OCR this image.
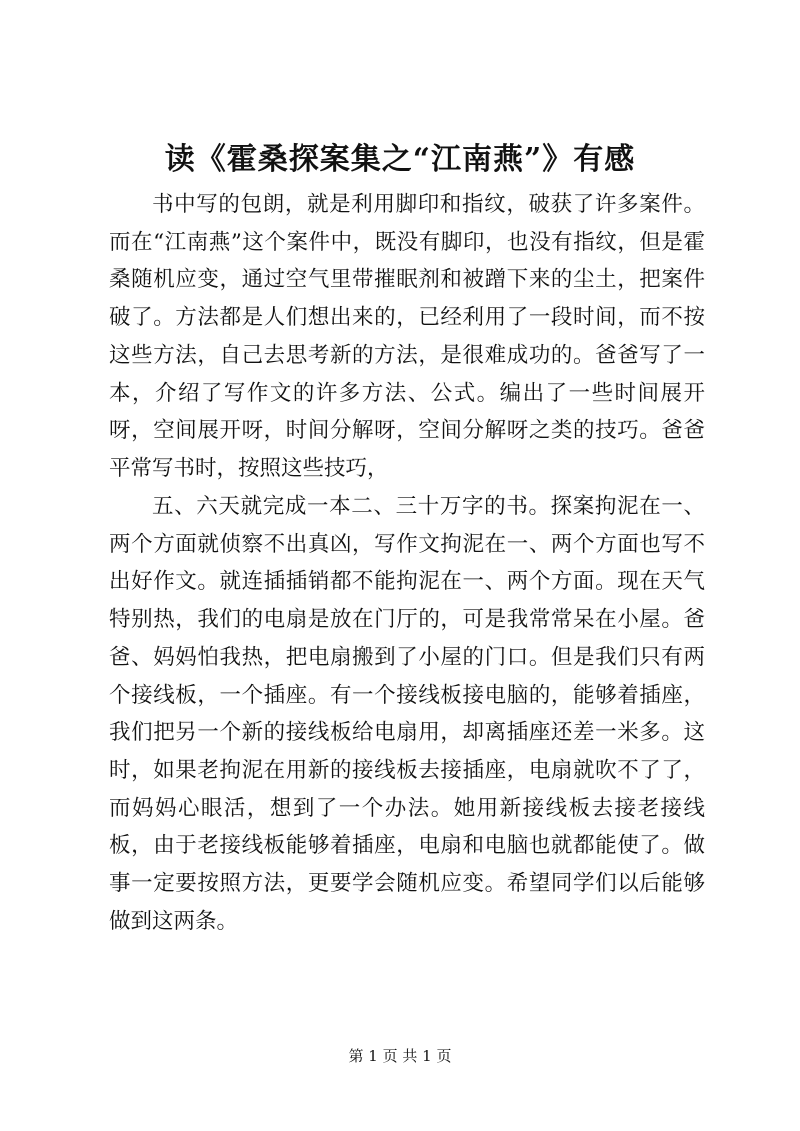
读《霍桑探案集之“江南燕”》有感

书中写的包朗，就是利用脚印和指纹，破获了许多案件。而在“江南燕”这个案件中，既没有脚印，也没有指纹，但是霍桑随机应变，通过空气里带摧眠剂和被蹭下来的尘土，把案件破了。方法都是人们想出来的，已经利用了一段时间，而不按这些方法，自己去思考新的方法，是很难成功的。爸爸写了一本，介绍了写作文的许多方法、公式。编出了一些时间展开呀，空间展开呀，时间分解呀，空间分解呀之类的技巧。爸爸平常写书时，按照这些技巧，

五、六天就完成一本二、三十万字的书。探案拘泥在一、两个方面就侦察不出真凶，写作文拘泥在一、两个方面也写不出好作文。就连插插销都不能拘泥在一、两个方面。现在天气特别热，我们的电扇是放在门厅的，可是我常常呆在小屋。爸爸、妈妈怕我热，把电扇搬到了小屋的门口。但是我们只有两个接线板，一个插座。有一个接线板接电脑的，能够着插座，我们把另一个新的接线板给电扇用，却离插座还差一米多。这时，如果老拘泥在用新的接线板去接插座，电扇就吹不了了，而妈妈心眼活，想到了一个办法。她用新接线板去接老接线板，由于老接线板能够着插座，电扇和电脑也就都能使了。做事一定要按照方法，更要学会随机应变。希望同学们以后能够做到这两条。

第 1 页 共 1 页
